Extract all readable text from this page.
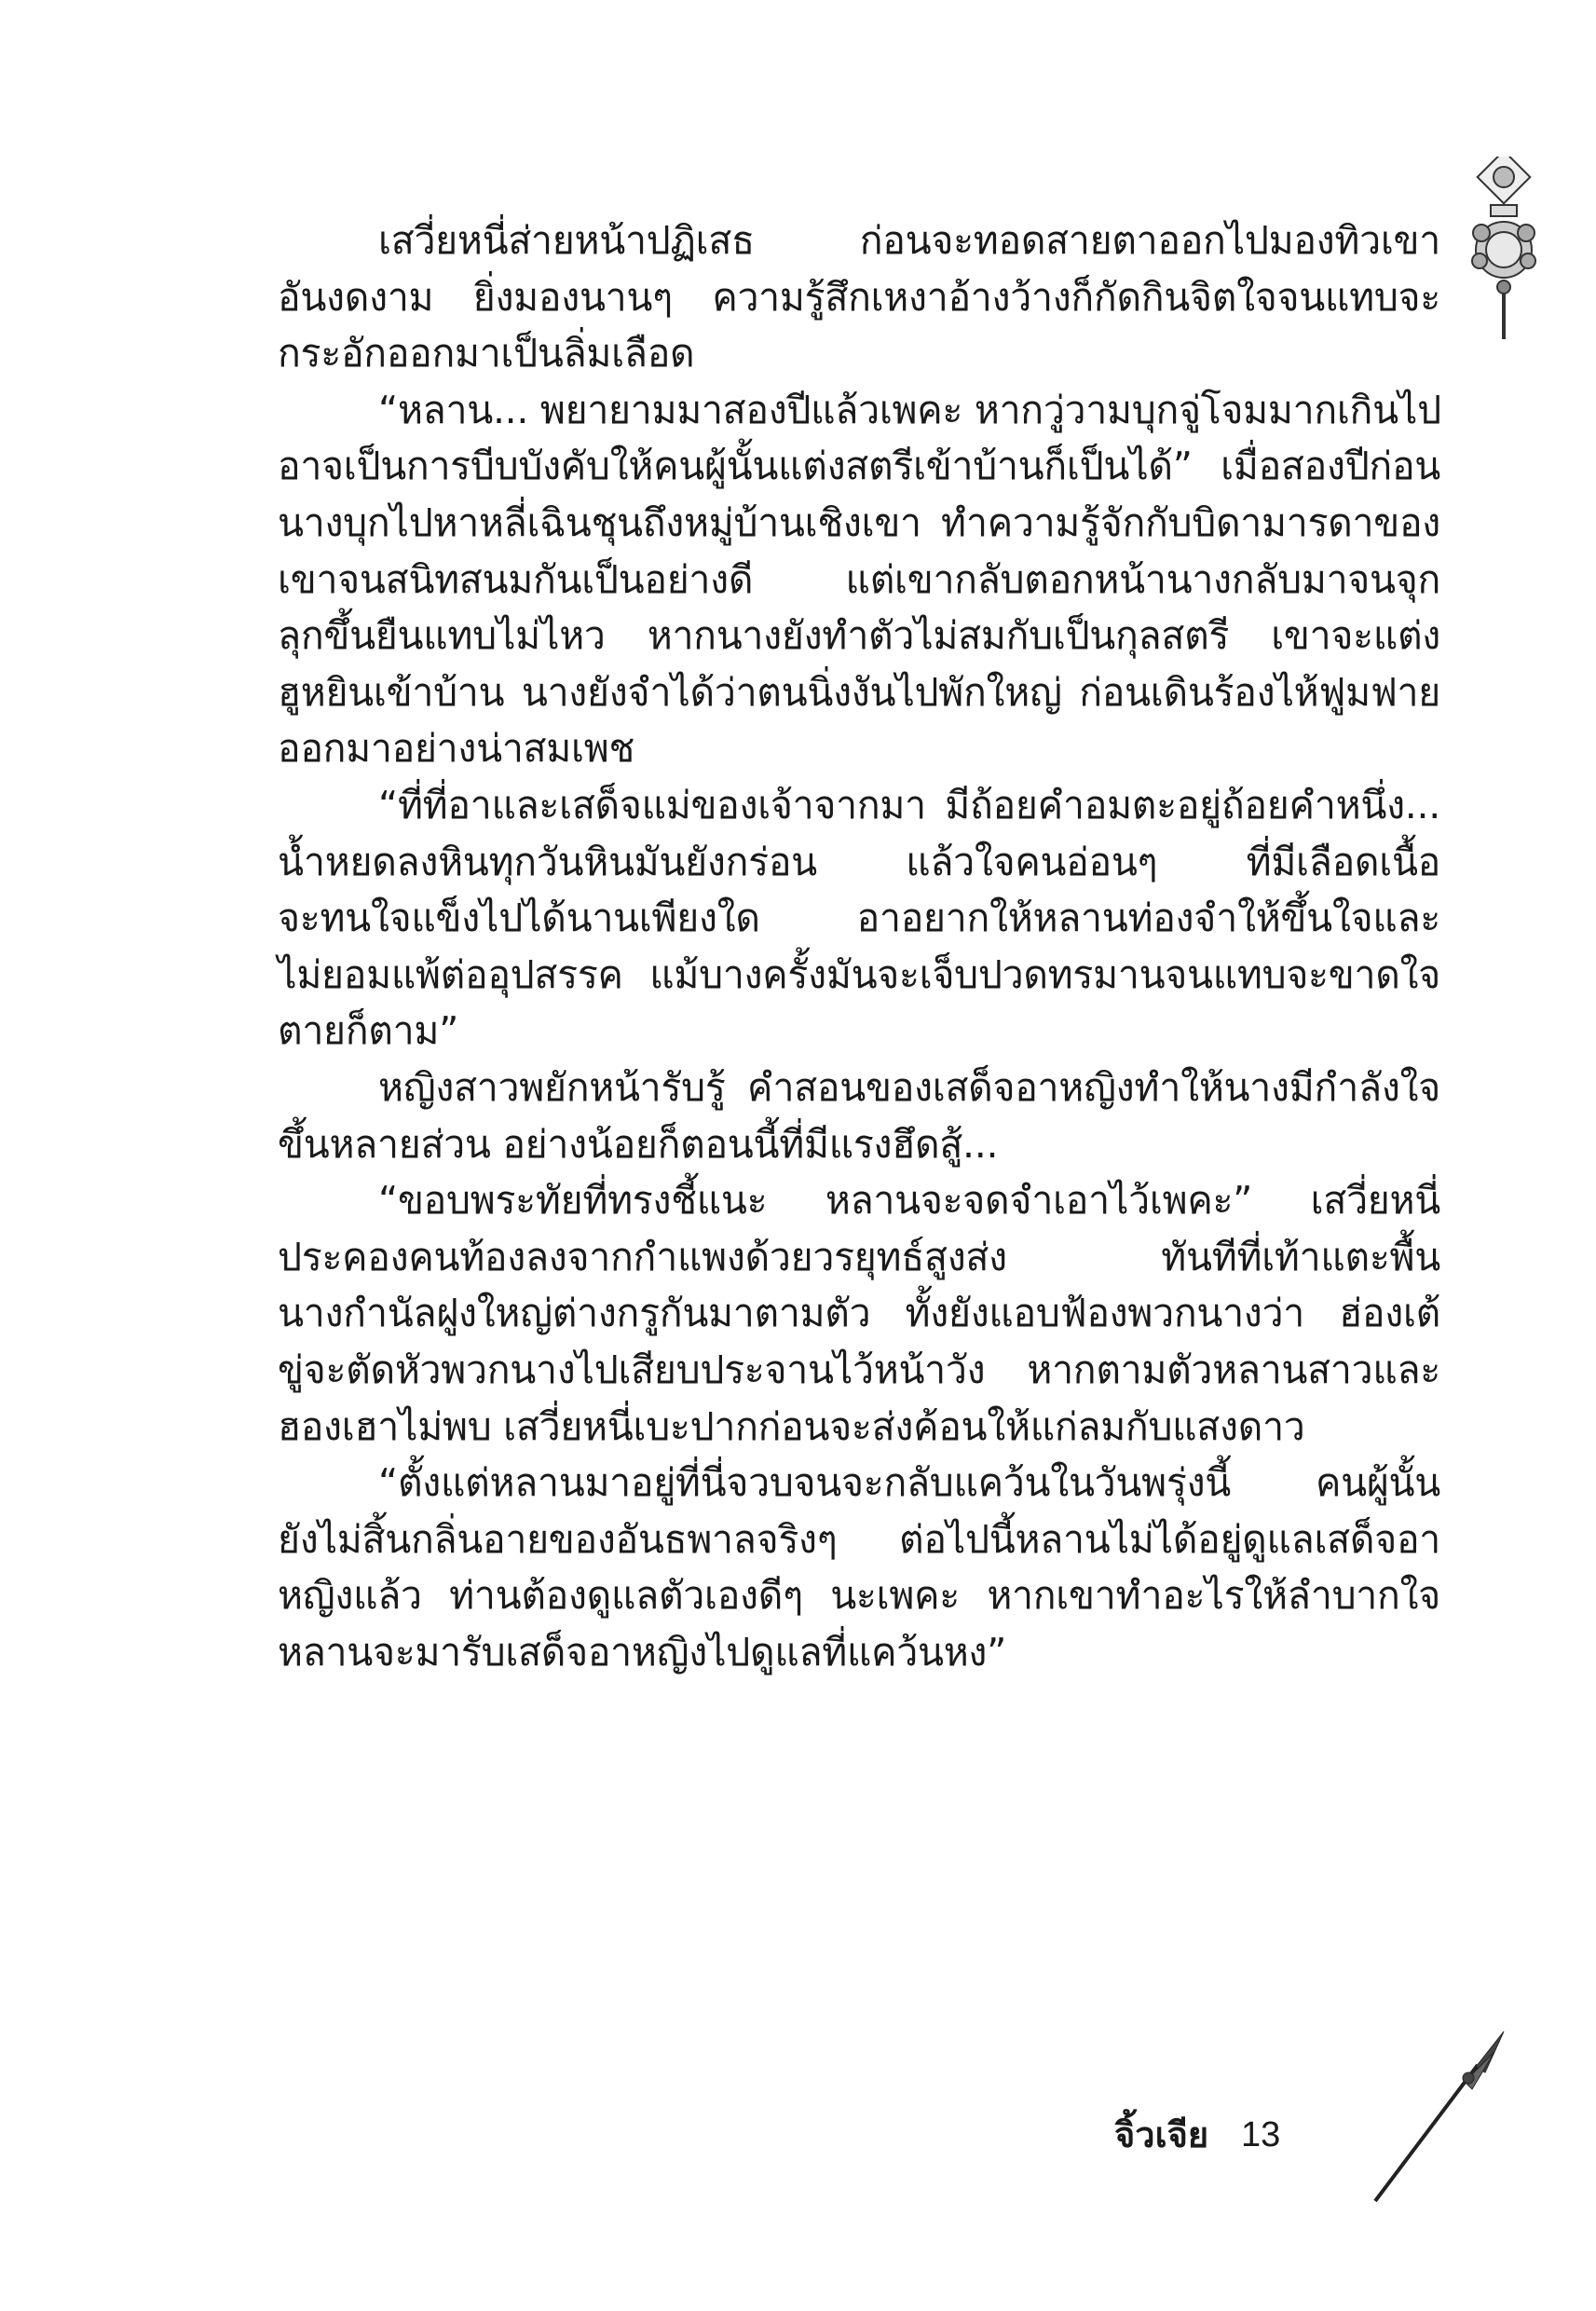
เสวี่ยหนี่ส่ายหน้าปฏิเสธ ก่อนจะทอดสายตาออกไปมองทิวเขา
อันงดงาม ยิ่งมองนานๆ ความรู้สึกเหงาอ้างว้างก็กัดกินจิตใจจนแทบจะ
กระอักออกมาเป็นลิ่มเลือด
“หลาน... พยายามมาสองปีแล้วเพคะ หากวู่วามบุกจู่โจมมากเกินไป
อาจเป็นการบีบบังคับให้คนผู้นั้นแต่งสตรีเข้าบ้านก็เป็นได้” เมื่อสองปีก่อน
นางบุกไปหาหลี่เฉินชุนถึงหมู่บ้านเชิงเขา ทำความรู้จักกับบิดามารดาของ
เขาจนสนิทสนมกันเป็นอย่างดี แต่เขากลับตอกหน้านางกลับมาจนจุก
ลุกขึ้นยืนแทบไม่ไหว หากนางยังทำตัวไม่สมกับเป็นกุลสตรี เขาจะแต่ง
ฮูหยินเข้าบ้าน นางยังจำได้ว่าตนนิ่งงันไปพักใหญ่ ก่อนเดินร้องไห้ฟูมฟาย
ออกมาอย่างน่าสมเพช
“ที่ที่อาและเสด็จแม่ของเจ้าจากมา มีถ้อยคำอมตะอยู่ถ้อยคำหนึ่ง...
น้ำหยดลงหินทุกวันหินมันยังกร่อน แล้วใจคนอ่อนๆ ที่มีเลือดเนื้อ
จะทนใจแข็งไปได้นานเพียงใด อาอยากให้หลานท่องจำให้ขึ้นใจและ
ไม่ยอมแพ้ต่ออุปสรรค แม้บางครั้งมันจะเจ็บปวดทรมานจนแทบจะขาดใจ
ตายก็ตาม”
หญิงสาวพยักหน้ารับรู้ คำสอนของเสด็จอาหญิงทำให้นางมีกำลังใจ
ขึ้นหลายส่วน อย่างน้อยก็ตอนนี้ที่มีแรงฮึดสู้...
“ขอบพระทัยที่ทรงชี้แนะ หลานจะจดจำเอาไว้เพคะ” เสวี่ยหนี่
ประคองคนท้องลงจากกำแพงด้วยวรยุทธ์สูงส่ง ทันทีที่เท้าแตะพื้น
นางกำนัลฝูงใหญ่ต่างกรูกันมาตามตัว ทั้งยังแอบฟ้องพวกนางว่า ฮ่องเต้
ขู่จะตัดหัวพวกนางไปเสียบประจานไว้หน้าวัง หากตามตัวหลานสาวและ
ฮองเฮาไม่พบ เสวี่ยหนี่เบะปากก่อนจะส่งค้อนให้แก่ลมกับแสงดาว
“ตั้งแต่หลานมาอยู่ที่นี่จวบจนจะกลับแคว้นในวันพรุ่งนี้ คนผู้นั้น
ยังไม่สิ้นกลิ่นอายของอันธพาลจริงๆ ต่อไปนี้หลานไม่ได้อยู่ดูแลเสด็จอา
หญิงแล้ว ท่านต้องดูแลตัวเองดีๆ นะเพคะ หากเขาทำอะไรให้ลำบากใจ
หลานจะมารับเสด็จอาหญิงไปดูแลที่แคว้นหง”
จิ้วเจีย 13
